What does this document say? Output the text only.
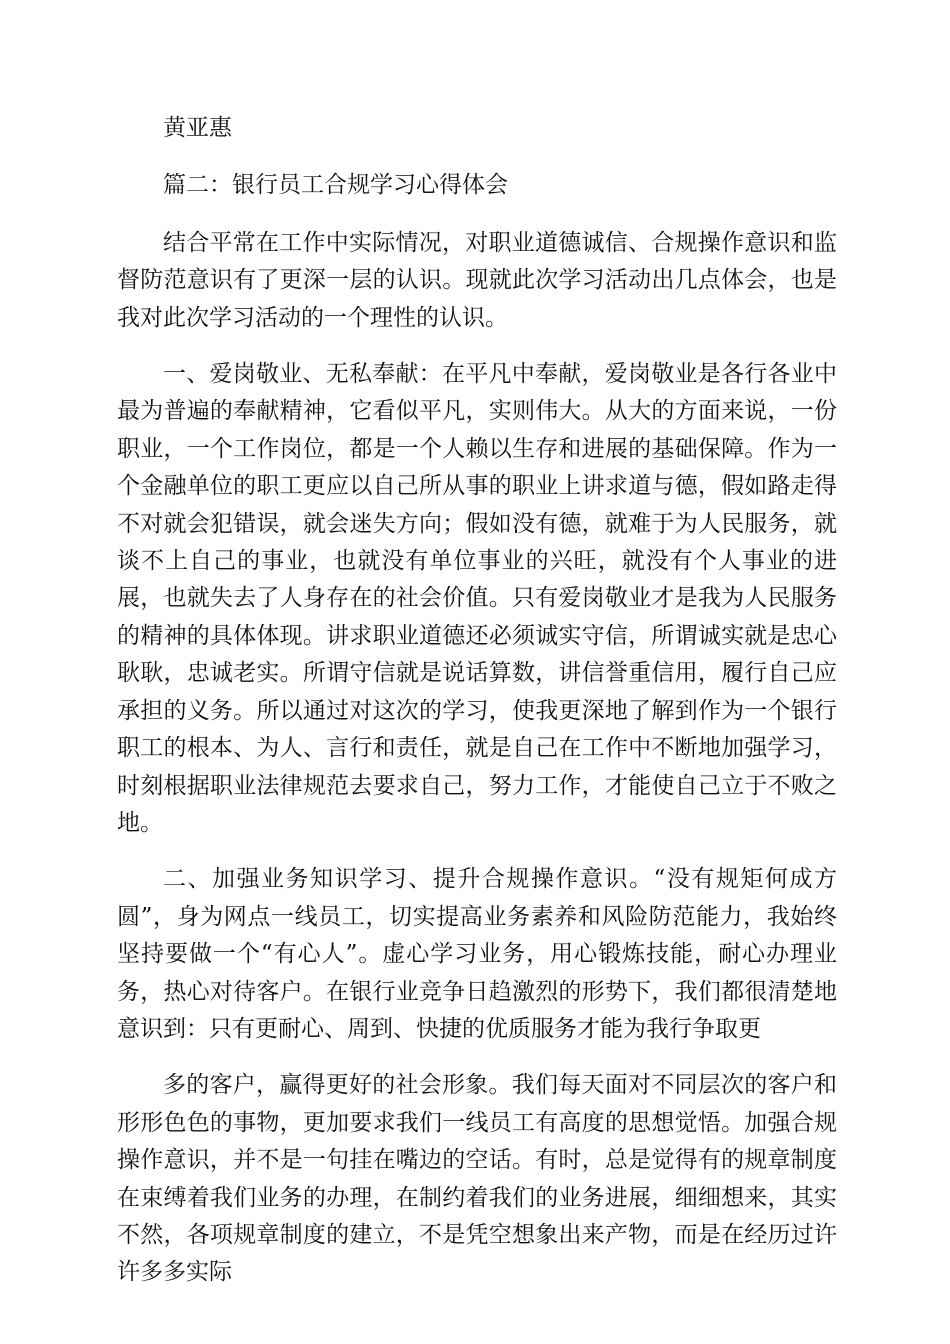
黄亚惠

篇二：银行员工合规学习心得体会

结合平常在工作中实际情况，对职业道德诚信、合规操作意识和监督防范意识有了更深一层的认识。现就此次学习活动出几点体会，也是我对此次学习活动的一个理性的认识。

一、爱岗敬业、无私奉献：在平凡中奉献，爱岗敬业是各行各业中最为普遍的奉献精神，它看似平凡，实则伟大。从大的方面来说，一份职业，一个工作岗位，都是一个人赖以生存和进展的基础保障。作为一个金融单位的职工更应以自己所从事的职业上讲求道与德，假如路走得不对就会犯错误，就会迷失方向；假如没有德，就难于为人民服务，就谈不上自己的事业，也就没有单位事业的兴旺，就没有个人事业的进展，也就失去了人身存在的社会价值。只有爱岗敬业才是我为人民服务的精神的具体体现。讲求职业道德还必须诚实守信，所谓诚实就是忠心耿耿，忠诚老实。所谓守信就是说话算数，讲信誉重信用，履行自己应承担的义务。所以通过对这次的学习，使我更深地了解到作为一个银行职工的根本、为人、言行和责任，就是自己在工作中不断地加强学习，时刻根据职业法律规范去要求自己，努力工作，才能使自己立于不败之地。

二、加强业务知识学习、提升合规操作意识。“没有规矩何成方圆”，身为网点一线员工，切实提高业务素养和风险防范能力，我始终坚持要做一个“有心人”。虚心学习业务，用心锻炼技能，耐心办理业务，热心对待客户。在银行业竞争日趋激烈的形势下，我们都很清楚地意识到：只有更耐心、周到、快捷的优质服务才能为我行争取更

多的客户，赢得更好的社会形象。我们每天面对不同层次的客户和形形色色的事物，更加要求我们一线员工有高度的思想觉悟。加强合规操作意识，并不是一句挂在嘴边的空话。有时，总是觉得有的规章制度在束缚着我们业务的办理，在制约着我们的业务进展，细细想来，其实不然，各项规章制度的建立，不是凭空想象出来产物，而是在经历过许许多多实际
